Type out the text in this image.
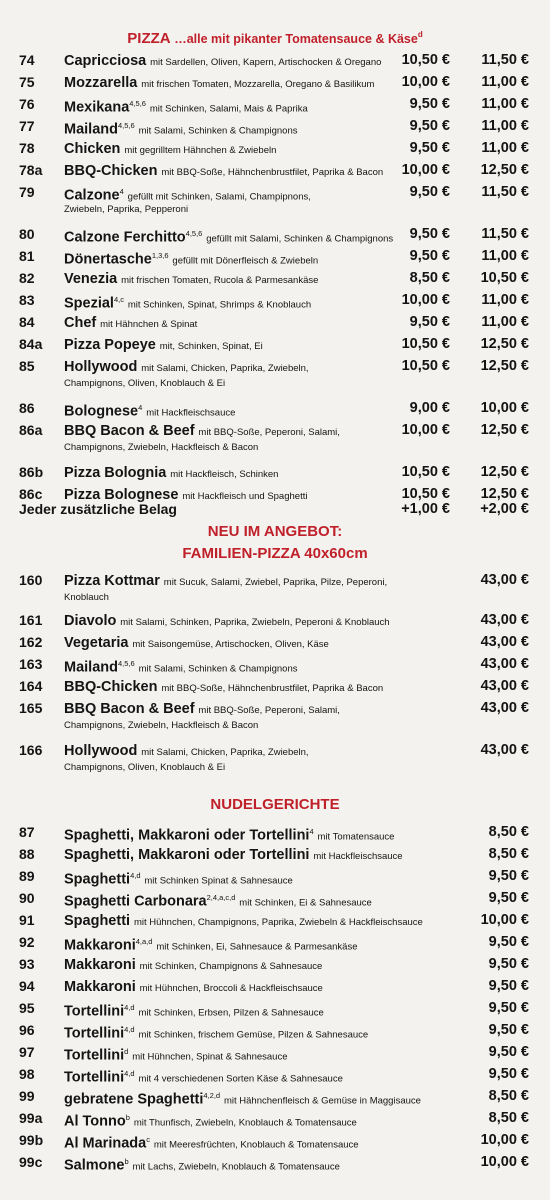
PIZZA …alle mit pikanter Tomatensauce & Käse$^d$
74 Capricciosa mit Sardellen, Oliven, Kapern, Artischocken & Oregano	10,50 € 11,50 €
75 Mozzarella mit frischen Tomaten, Mozzarella, Oregano & Basilikum	10,00 € 11,00 €
76 Mexikana$^{4,5,6}$ mit Schinken, Salami, Mais & Paprika	9,50 € 11,00 €
77 Mailand$^{4,5,6}$ mit Salami, Schinken & Champignons	9,50 € 11,00 €
78 Chicken mit gegrilltem Hähnchen & Zwiebeln	9,50 € 11,00 €
78a BBQ-Chicken mit BBQ-Soße, Hähnchenbrustfilet, Paprika & Bacon	10,00 € 12,50 €
79 Calzone$^4$ gefüllt mit Schinken, Salami, Champipnons,	9,50 € 11,50 €
Zwiebeln, Paprika, Pepperoni
80 Calzone Ferchitto$^{4,5,6}$ gefüllt mit Salami, Schinken & Champignons 9,50 € 11,50 €
81 Dönertasche$^{1,3,6}$ gefüllt mit Dönerfleisch & Zwiebeln	9,50 € 11,00 €
82 Venezia mit frischen Tomaten, Rucola & Parmesankäse	8,50 € 10,50 €
83 Spezial$^{4,c}$ mit Schinken, Spinat, Shrimps & Knoblauch	10,00 € 11,00 €
84 Chef mit Hähnchen & Spinat	9,50 € 11,00 €
84a Pizza Popeye mit, Schinken, Spinat, Ei	10,50 € 12,50 €
85 Hollywood mit Salami, Chicken, Paprika, Zwiebeln,	10,50 € 12,50 €
Champignons, Oliven, Knoblauch & Ei
86 Bolognese$^4$ mit Hackfleischsauce	9,00 € 10,00 €
86a BBQ Bacon & Beef mit BBQ-Soße, Peperoni, Salami,	10,00 € 12,50 €
Champignons, Zwiebeln, Hackfleisch & Bacon
86b Pizza Bolognia mit Hackfleisch, Schinken	10,50 € 12,50 €
86c Pizza Bolognese mit Hackfleisch und Spaghetti	10,50 € 12,50 €
Jeder zusätzliche Belag	+1,00 € +2,00 €
NEU IM ANGEBOT:
FAMILIEN-PIZZA 40x60cm
160 Pizza Kottmar mit Sucuk, Salami, Zwiebel, Paprika, Pilze, Peperoni,	43,00 €
Knoblauch
161 Diavolo mit Salami, Schinken, Paprika, Zwiebeln, Peperoni & Knoblauch	43,00 €
162 Vegetaria mit Saisongemüse, Artischocken, Oliven, Käse	43,00 €
163 Mailand$^{4,5,6}$ mit Salami, Schinken & Champignons	43,00 €
164 BBQ-Chicken mit BBQ-Soße, Hähnchenbrustfilet, Paprika & Bacon	43,00 €
165 BBQ Bacon & Beef mit BBQ-Soße, Peperoni, Salami,	43,00 €
Champignons, Zwiebeln, Hackfleisch & Bacon
166 Hollywood mit Salami, Chicken, Paprika, Zwiebeln,	43,00 €
Champignons, Oliven, Knoblauch & Ei
NUDELGERICHTE
87 Spaghetti, Makkaroni oder Tortellini$^4$ mit Tomatensauce	8,50 €
88 Spaghetti, Makkaroni oder Tortellini mit Hackfleischsauce	8,50 €
89 Spaghetti$^{4,d}$ mit Schinken Spinat & Sahnesauce	9,50 €
90 Spaghetti Carbonara$^{2,4,a,c,d}$ mit Schinken, Ei & Sahnesauce	9,50 €
91 Spaghetti mit Hühnchen, Champignons, Paprika, Zwiebeln & Hackfleischsauce	10,00 €
92 Makkaroni$^{4,a,d}$ mit Schinken, Ei, Sahnesauce & Parmesankäse	9,50 €
93 Makkaroni mit Schinken, Champignons & Sahnesauce	9,50 €
94 Makkaroni mit Hühnchen, Broccoli & Hackfleischsauce	9,50 €
95 Tortellini$^{4,d}$ mit Schinken, Erbsen, Pilzen & Sahnesauce	9,50 €
96 Tortellini$^{4,d}$ mit Schinken, frischem Gemüse, Pilzen & Sahnesauce	9,50 €
97 Tortellini$^d$ mit Hühnchen, Spinat & Sahnesauce	9,50 €
98 Tortellini$^{4,d}$ mit 4 verschiedenen Sorten Käse & Sahnesauce	9,50 €
99 gebratene Spaghetti$^{4,2,d}$ mit Hähnchenfleisch & Gemüse in Maggisauce	8,50 €
99a Al Tonno$^b$ mit Thunfisch, Zwiebeln, Knoblauch & Tomatensauce	8,50 €
99b Al Marinada$^c$ mit Meeresfrüchten, Knoblauch & Tomatensauce	10,00 €
99c Salmone$^b$ mit Lachs, Zwiebeln, Knoblauch & Tomatensauce	10,00 €
